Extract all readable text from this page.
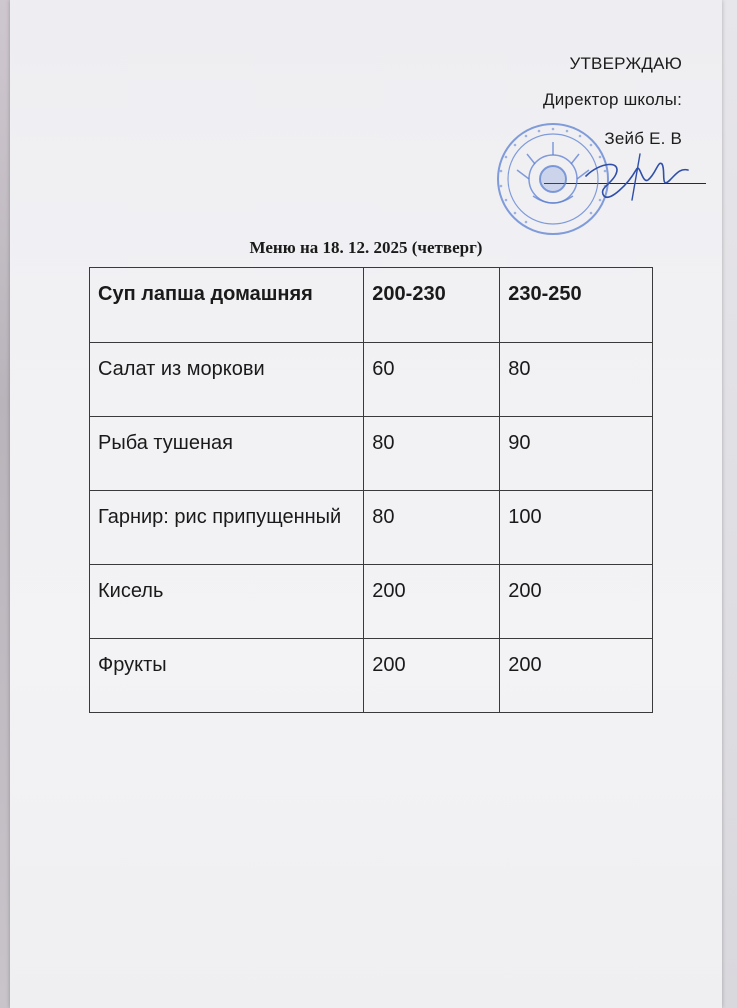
УТВЕРЖДАЮ
Директор школы:
Зейб Е. В
Меню на 18. 12. 2025 (четверг)
Суп лапша домашняя	200-230	230-250
Салат из моркови	60	80
Рыба тушеная	80	90
Гарнир: рис припущенный	80	100
Кисель	200	200
Фрукты	200	200
